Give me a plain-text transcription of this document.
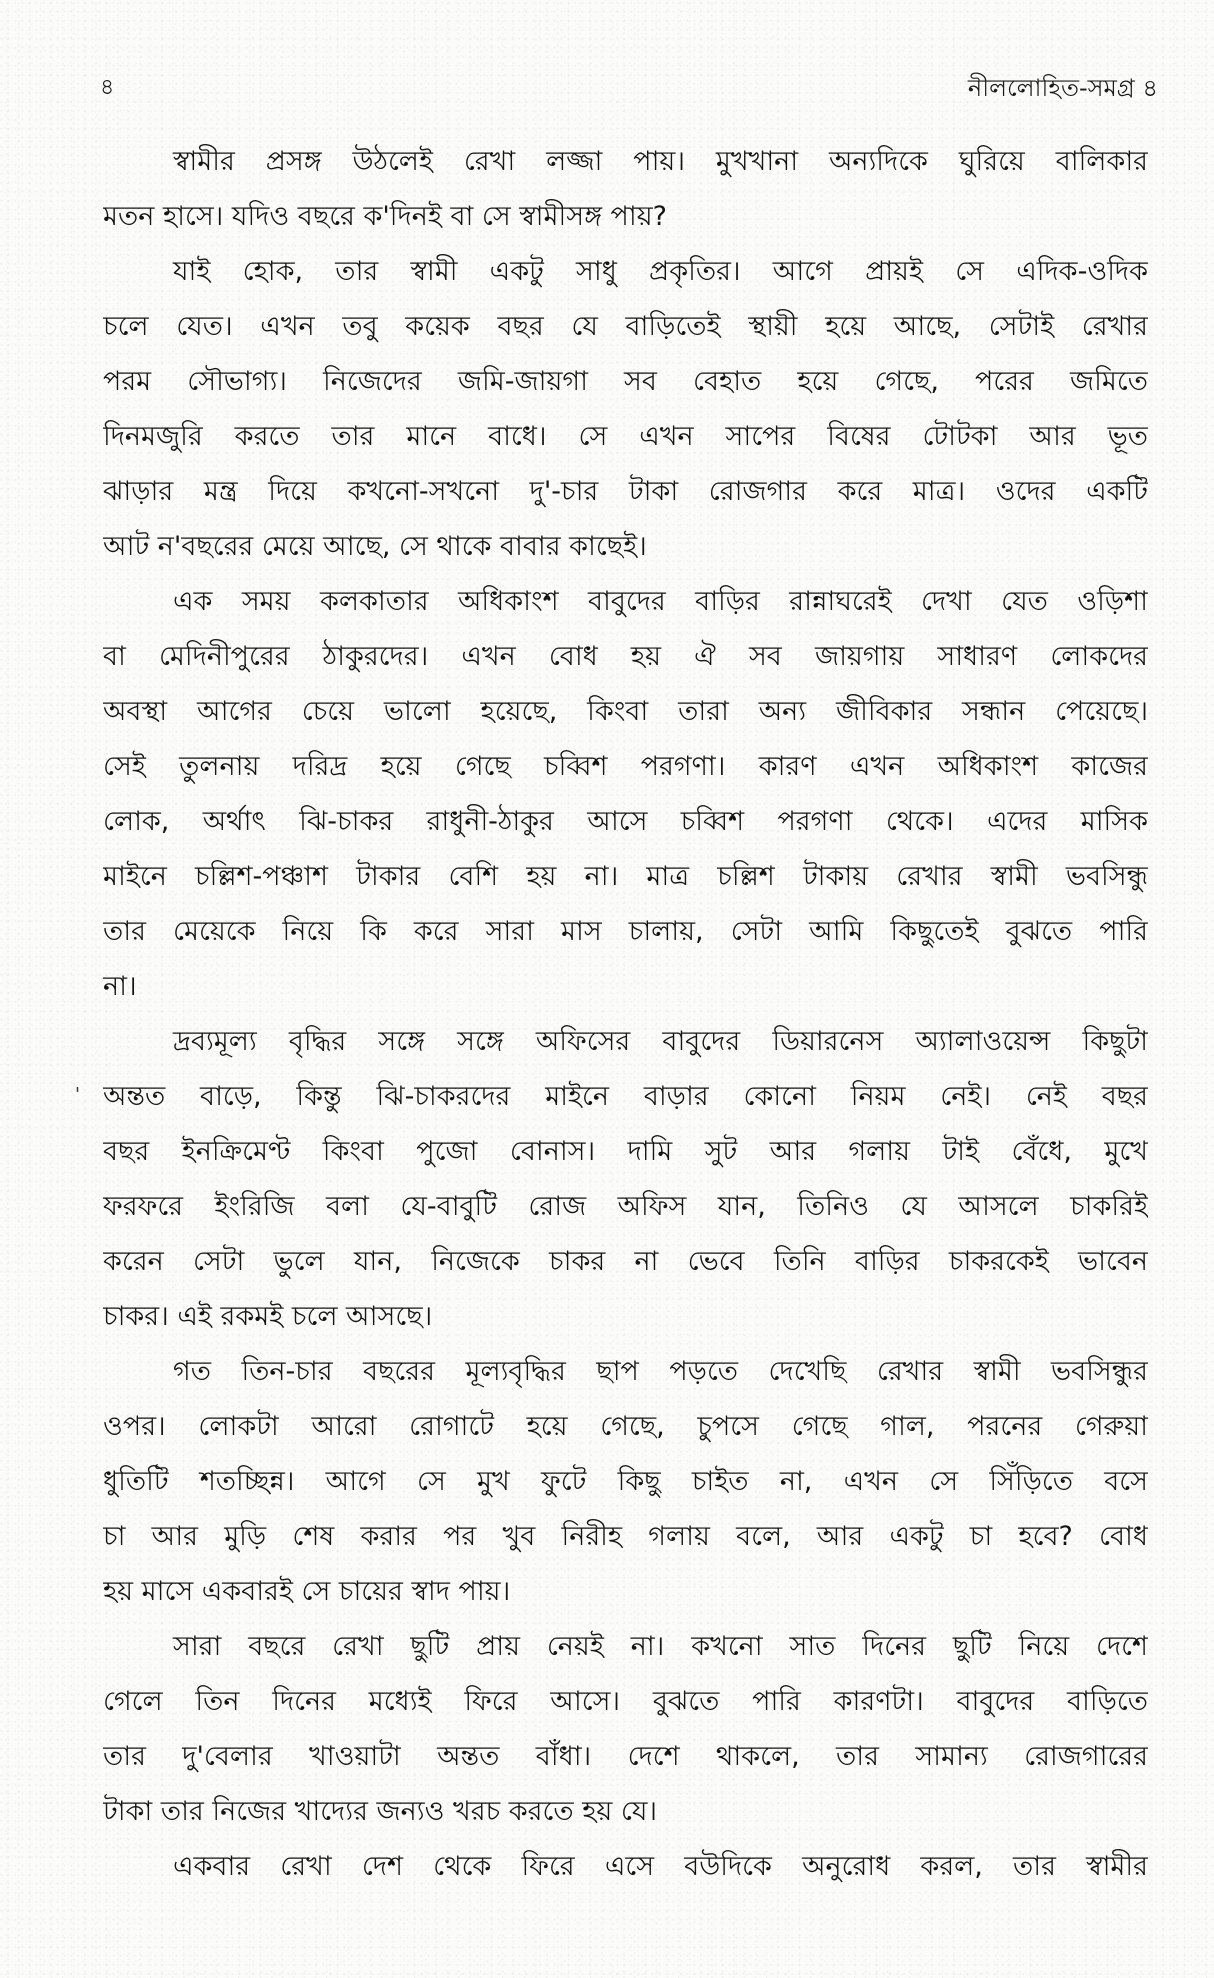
৪	নীললোহিত-সমগ্র ৪
'
স্বামীর প্রসঙ্গ উঠলেই রেখা লজ্জা পায়। মুখখানা অন্যদিকে ঘুরিয়ে বালিকার
মতন হাসে। যদিও বছরে ক'দিনই বা সে স্বামীসঙ্গ পায়?
যাই হোক, তার স্বামী একটু সাধু প্রকৃতির। আগে প্রায়ই সে এদিক-ওদিক
চলে যেত। এখন তবু কয়েক বছর যে বাড়িতেই স্থায়ী হয়ে আছে, সেটাই রেখার
পরম সৌভাগ্য। নিজেদের জমি-জায়গা সব বেহাত হয়ে গেছে, পরের জমিতে
দিনমজুরি করতে তার মানে বাধে। সে এখন সাপের বিষের টোটকা আর ভূত
ঝাড়ার মন্ত্র দিয়ে কখনো-সখনো দু'-চার টাকা রোজগার করে মাত্র। ওদের একটি
আট ন'বছরের মেয়ে আছে, সে থাকে বাবার কাছেই।
এক সময় কলকাতার অধিকাংশ বাবুদের বাড়ির রান্নাঘরেই দেখা যেত ওড়িশা
বা মেদিনীপুরের ঠাকুরদের। এখন বোধ হয় ঐ সব জায়গায় সাধারণ লোকদের
অবস্থা আগের চেয়ে ভালো হয়েছে, কিংবা তারা অন্য জীবিকার সন্ধান পেয়েছে।
সেই তুলনায় দরিদ্র হয়ে গেছে চব্বিশ পরগণা। কারণ এখন অধিকাংশ কাজের
লোক, অর্থাৎ ঝি-চাকর রাধুনী-ঠাকুর আসে চব্বিশ পরগণা থেকে। এদের মাসিক
মাইনে চল্লিশ-পঞ্চাশ টাকার বেশি হয় না। মাত্র চল্লিশ টাকায় রেখার স্বামী ভবসিন্ধু
তার মেয়েকে নিয়ে কি করে সারা মাস চালায়, সেটা আমি কিছুতেই বুঝতে পারি
না।
দ্রব্যমূল্য বৃদ্ধির সঙ্গে সঙ্গে অফিসের বাবুদের ডিয়ারনেস অ্যালাওয়েন্স কিছুটা
অন্তত বাড়ে, কিন্তু ঝি-চাকরদের মাইনে বাড়ার কোনো নিয়ম নেই। নেই বছর
বছর ইনক্রিমেণ্ট কিংবা পুজো বোনাস। দামি সুট আর গলায় টাই বেঁধে, মুখে
ফরফরে ইংরিজি বলা যে-বাবুটি রোজ অফিস যান, তিনিও যে আসলে চাকরিই
করেন সেটা ভুলে যান, নিজেকে চাকর না ভেবে তিনি বাড়ির চাকরকেই ভাবেন
চাকর। এই রকমই চলে আসছে।
গত তিন-চার বছরের মূল্যবৃদ্ধির ছাপ পড়তে দেখেছি রেখার স্বামী ভবসিন্ধুর
ওপর। লোকটা আরো রোগাটে হয়ে গেছে, চুপসে গেছে গাল, পরনের গেরুয়া
ধুতিটি শতচ্ছিন্ন। আগে সে মুখ ফুটে কিছু চাইত না, এখন সে সিঁড়িতে বসে
চা আর মুড়ি শেষ করার পর খুব নিরীহ গলায় বলে, আর একটু চা হবে? বোধ
হয় মাসে একবারই সে চায়ের স্বাদ পায়।
সারা বছরে রেখা ছুটি প্রায় নেয়ই না। কখনো সাত দিনের ছুটি নিয়ে দেশে
গেলে তিন দিনের মধ্যেই ফিরে আসে। বুঝতে পারি কারণটা। বাবুদের বাড়িতে
তার দু'বেলার খাওয়াটা অন্তত বাঁধা। দেশে থাকলে, তার সামান্য রোজগারের
টাকা তার নিজের খাদ্যের জন্যও খরচ করতে হয় যে।
একবার রেখা দেশ থেকে ফিরে এসে বউদিকে অনুরোধ করল, তার স্বামীর
